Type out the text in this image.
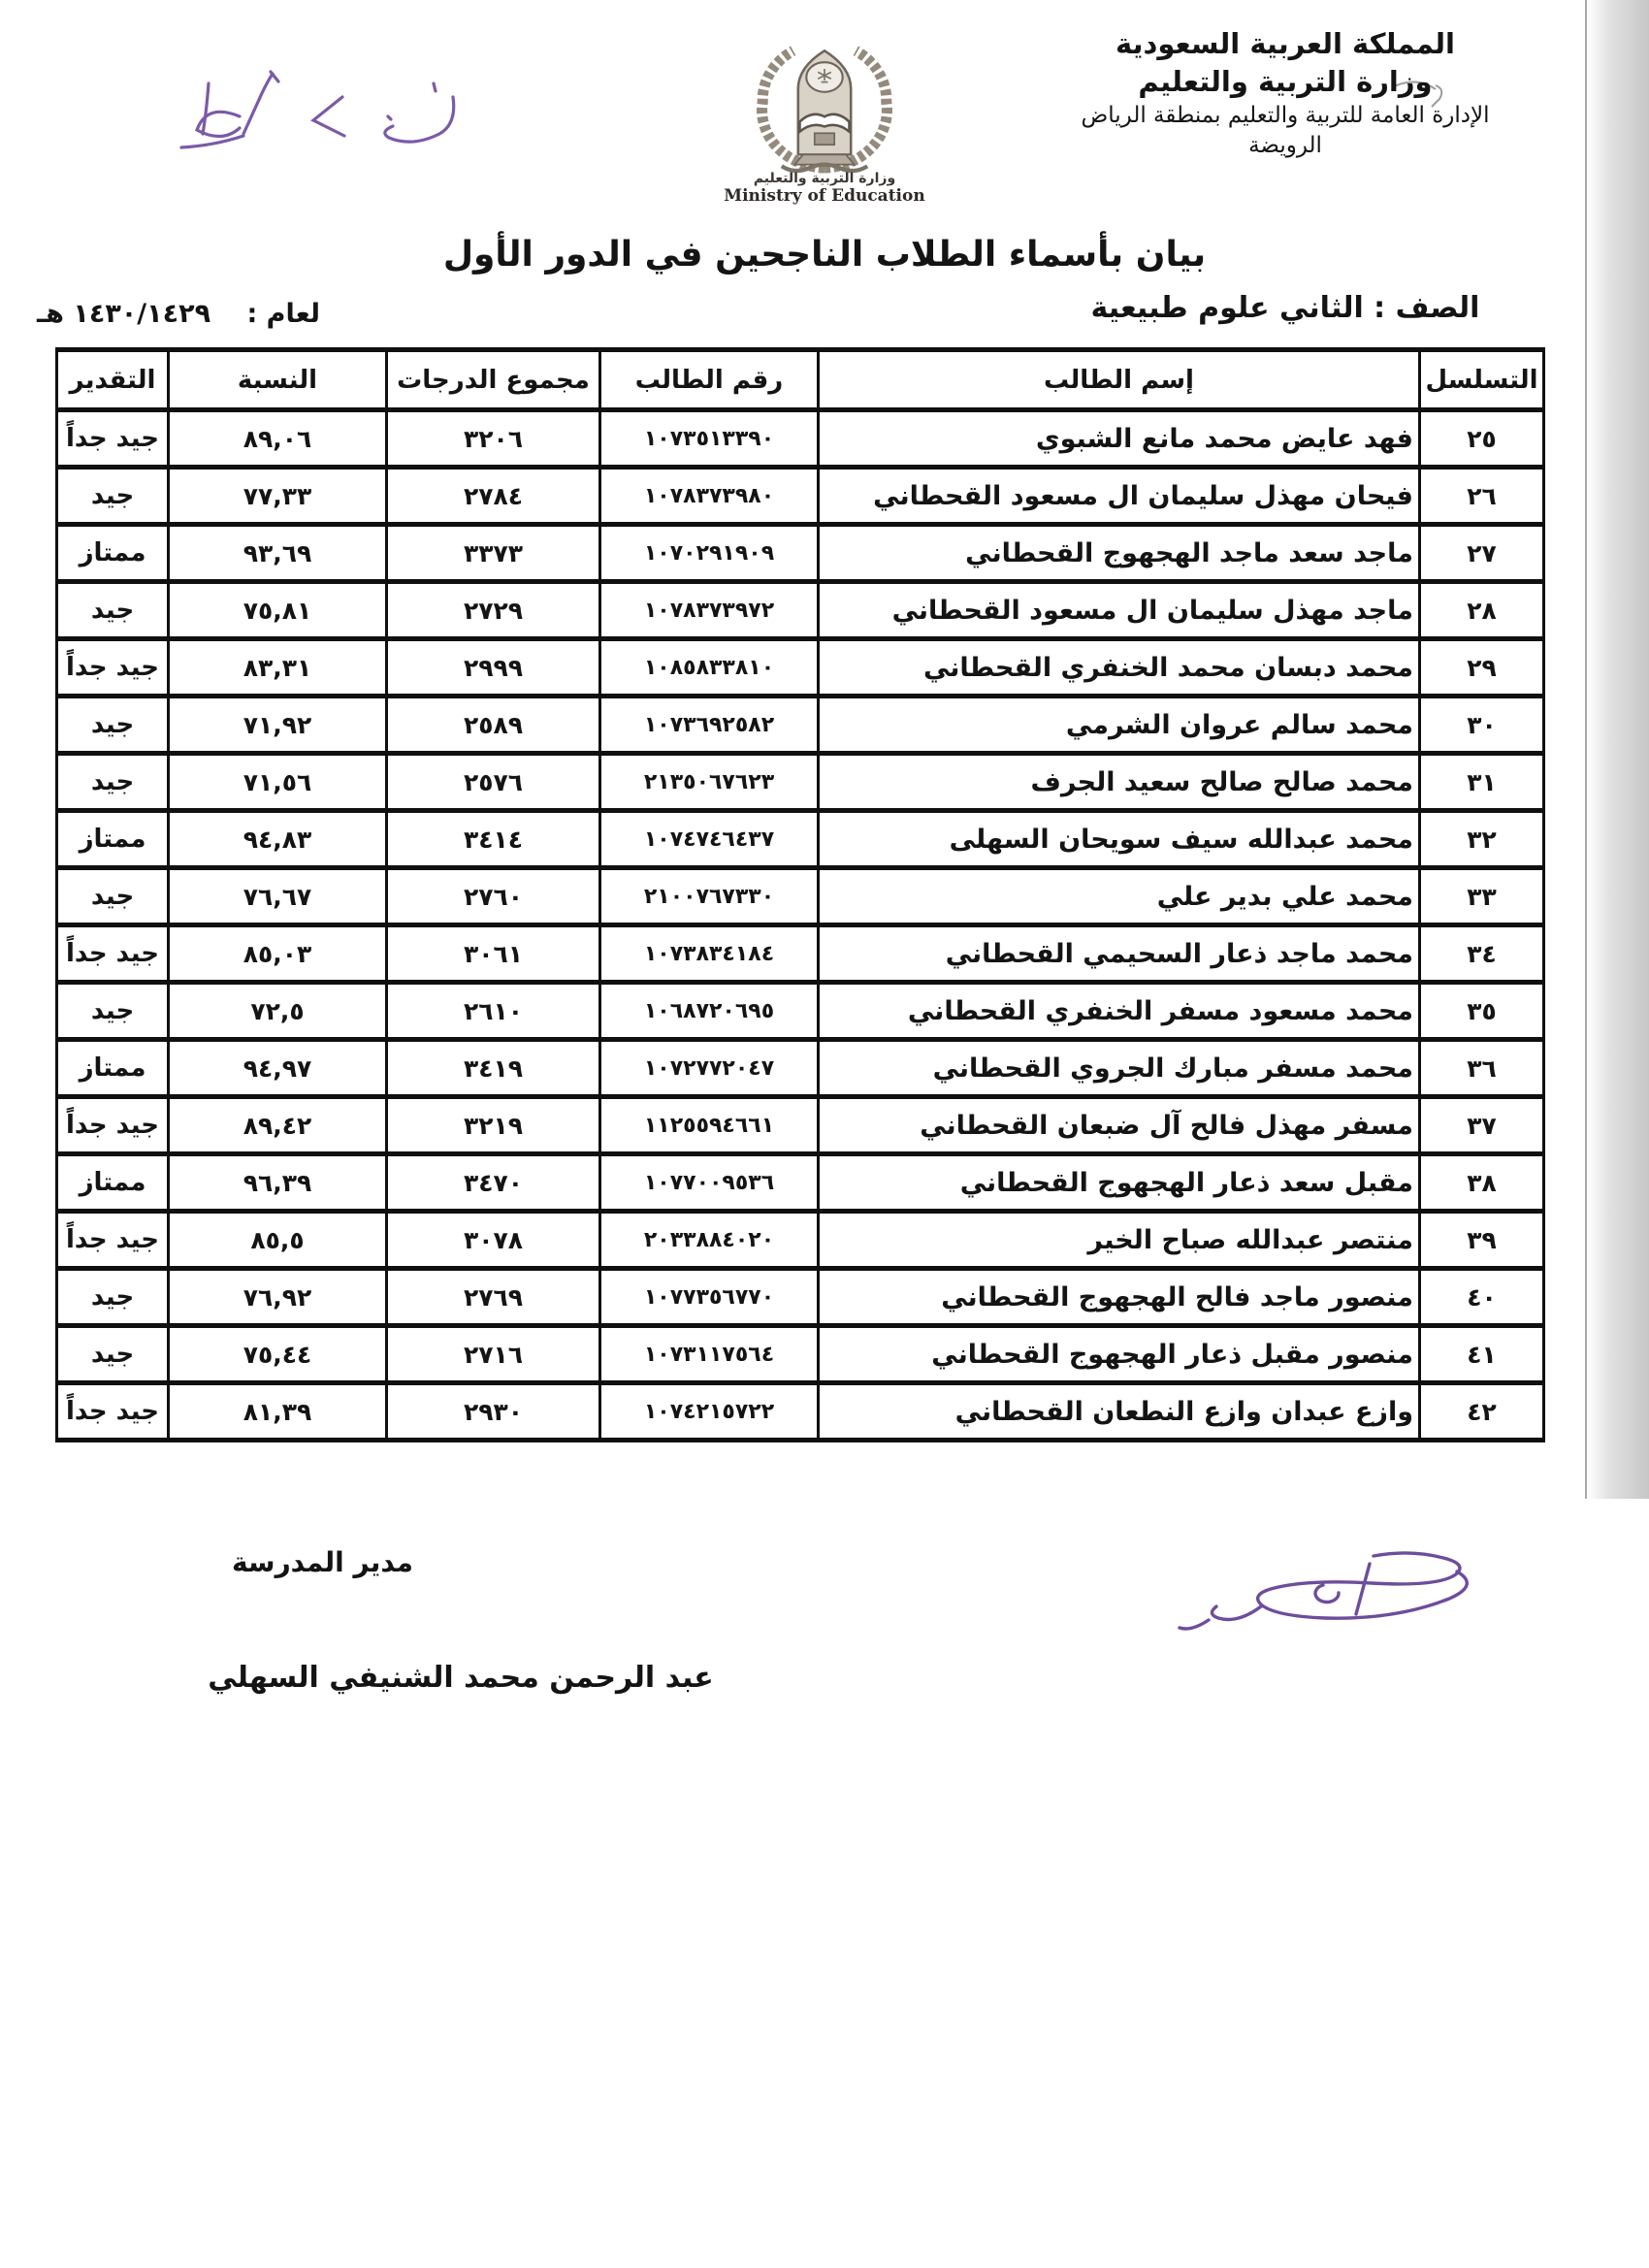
المملكة العربية السعودية
وزارة التربية والتعليم
الإدارة العامة للتربية والتعليم بمنطقة الرياض
الرويضة
وزارة التربية والتعليم
Ministry of Education
بيان بأسماء الطلاب الناجحين في الدور الأول
الصف : الثاني علوم طبيعية
لعام : ١٤٣٠/١٤٢٩ هـ
التسلسل	إسم الطالب	رقم الطالب	مجموع الدرجات	النسبة	التقدير
٢٥	فهد عايض محمد مانع الشبوي	١٠٧٣٥١٣٣٩٠	٣٢٠٦	٨٩,٠٦	جيد جداً
٢٦	فيحان مهذل سليمان ال مسعود القحطاني	١٠٧٨٣٧٣٩٨٠	٢٧٨٤	٧٧,٣٣	جيد
٢٧	ماجد سعد ماجد الهجهوج القحطاني	١٠٧٠٢٩١٩٠٩	٣٣٧٣	٩٣,٦٩	ممتاز
٢٨	ماجد مهذل سليمان ال مسعود القحطاني	١٠٧٨٣٧٣٩٧٢	٢٧٢٩	٧٥,٨١	جيد
٢٩	محمد دبسان محمد الخنفري القحطاني	١٠٨٥٨٣٣٨١٠	٢٩٩٩	٨٣,٣١	جيد جداً
٣٠	محمد سالم عروان الشرمي	١٠٧٣٦٩٢٥٨٢	٢٥٨٩	٧١,٩٢	جيد
٣١	محمد صالح صالح سعيد الجرف	٢١٣٥٠٦٧٦٢٣	٢٥٧٦	٧١,٥٦	جيد
٣٢	محمد عبدالله سيف سويحان السهلى	١٠٧٤٧٤٦٤٣٧	٣٤١٤	٩٤,٨٣	ممتاز
٣٣	محمد علي بدير علي	٢١٠٠٧٦٧٣٣٠	٢٧٦٠	٧٦,٦٧	جيد
٣٤	محمد ماجد ذعار السحيمي القحطاني	١٠٧٣٨٣٤١٨٤	٣٠٦١	٨٥,٠٣	جيد جداً
٣٥	محمد مسعود مسفر الخنفري القحطاني	١٠٦٨٧٢٠٦٩٥	٢٦١٠	٧٢,٥	جيد
٣٦	محمد مسفر مبارك الجروي القحطاني	١٠٧٢٧٧٢٠٤٧	٣٤١٩	٩٤,٩٧	ممتاز
٣٧	مسفر مهذل فالح آل ضبعان القحطاني	١١٢٥٥٩٤٦٦١	٣٢١٩	٨٩,٤٢	جيد جداً
٣٨	مقبل سعد ذعار الهجهوج القحطاني	١٠٧٧٠٠٩٥٣٦	٣٤٧٠	٩٦,٣٩	ممتاز
٣٩	منتصر عبدالله صباح الخير	٢٠٣٣٨٨٤٠٢٠	٣٠٧٨	٨٥,٥	جيد جداً
٤٠	منصور ماجد فالح الهجهوج القحطاني	١٠٧٧٣٥٦٧٧٠	٢٧٦٩	٧٦,٩٢	جيد
٤١	منصور مقبل ذعار الهجهوج القحطاني	١٠٧٣١١٧٥٦٤	٢٧١٦	٧٥,٤٤	جيد
٤٢	وازع عبدان وازع النطعان القحطاني	١٠٧٤٢١٥٧٢٢	٢٩٣٠	٨١,٣٩	جيد جداً
مدير المدرسة
عبد الرحمن محمد الشنيفي السهلي
